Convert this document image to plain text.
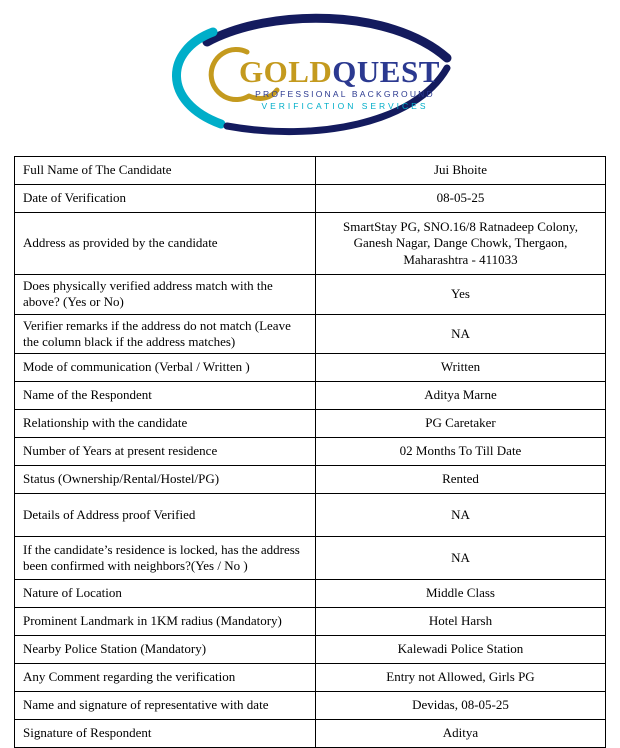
GOLDQUEST
PROFESSIONAL BACKGROUND
VERIFICATION SERVICES
Full Name of The Candidate	Jui Bhoite
Date of Verification	08-05-25
Address as provided by the candidate	SmartStay PG, SNO.16/8 Ratnadeep Colony, Ganesh Nagar, Dange Chowk, Thergaon, Maharashtra - 411033
Does physically verified address match with the above? (Yes or No)	Yes
Verifier remarks if the address do not match (Leave the column black if the address matches)	NA
Mode of communication (Verbal / Written )	Written
Name of the Respondent	Aditya Marne
Relationship with the candidate	PG Caretaker
Number of Years at present residence	02 Months To Till Date
Status (Ownership/Rental/Hostel/PG)	Rented
Details of Address proof Verified	NA
If the candidate’s residence is locked, has the address been confirmed with neighbors?(Yes / No )	NA
Nature of Location	Middle Class
Prominent Landmark in 1KM radius (Mandatory)	Hotel Harsh
Nearby Police Station (Mandatory)	Kalewadi Police Station
Any Comment regarding the verification	Entry not Allowed, Girls PG
Name and signature of representative with date	Devidas, 08-05-25
Signature of Respondent	Aditya
